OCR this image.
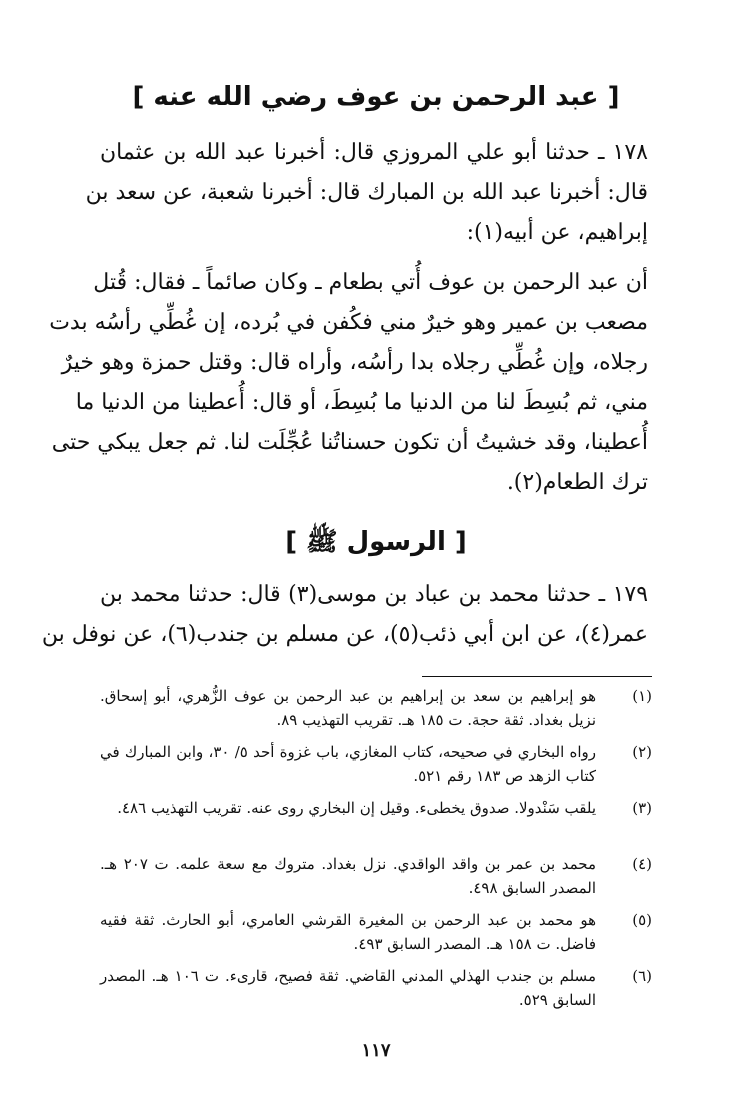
[ عبد الرحمن بن عوف رضي الله عنه ]
١٧٨ ـ حدثنا أبو علي المروزي قال: أخبرنا عبد الله بن عثمان
قال: أخبرنا عبد الله بن المبارك قال: أخبرنا شعبة، عن سعد بن
إبراهيم، عن أبيه(١):
أن عبد الرحمن بن عوف أُتي بطعام ـ وكان صائماً ـ فقال: قُتل
مصعب بن عمير وهو خيرٌ مني فكُفن في بُرده، إن غُطِّي رأسُه بدت
رجلاه، وإن غُطِّي رجلاه بدا رأسُه، وأراه قال: وقتل حمزة وهو خيرٌ
مني، ثم بُسِطَ لنا من الدنيا ما بُسِطَ، أو قال: أُعطينا من الدنيا ما
أُعطينا، وقد خشيتُ أن تكون حسناتُنا عُجِّلَت لنا. ثم جعل يبكي حتى
ترك الطعام(٢).
[ الرسول ﷺ ]
١٧٩ ـ حدثنا محمد بن عباد بن موسى(٣) قال: حدثنا محمد بن
عمر(٤)، عن ابن أبي ذئب(٥)، عن مسلم بن جندب(٦)، عن نوفل بن
(١)
هو إبراهيم بن سعد بن إبراهيم بن عبد الرحمن بن عوف الزُّهري، أبو إسحاق. نزيل بغداد. ثقة حجة. ت ١٨٥ هـ. تقريب التهذيب ٨٩.
(٢)
رواه البخاري في صحيحه، كتاب المغازي، باب غزوة أحد ٥/ ٣٠، وابن المبارك في كتاب الزهد ص ١٨٣ رقم ٥٢١.
(٣)
يلقب سَنْدولا. صدوق يخطىء. وقيل إن البخاري روى عنه. تقريب التهذيب ٤٨٦.
(٤)
محمد بن عمر بن واقد الواقدي. نزل بغداد. متروك مع سعة علمه. ت ٢٠٧ هـ. المصدر السابق ٤٩٨.
(٥)
هو محمد بن عبد الرحمن بن المغيرة القرشي العامري، أبو الحارث. ثقة فقيه فاضل. ت ١٥٨ هـ. المصدر السابق ٤٩٣.
(٦)
مسلم بن جندب الهذلي المدني القاضي. ثقة فصيح، قارىء. ت ١٠٦ هـ. المصدر السابق ٥٢٩.
١١٧
